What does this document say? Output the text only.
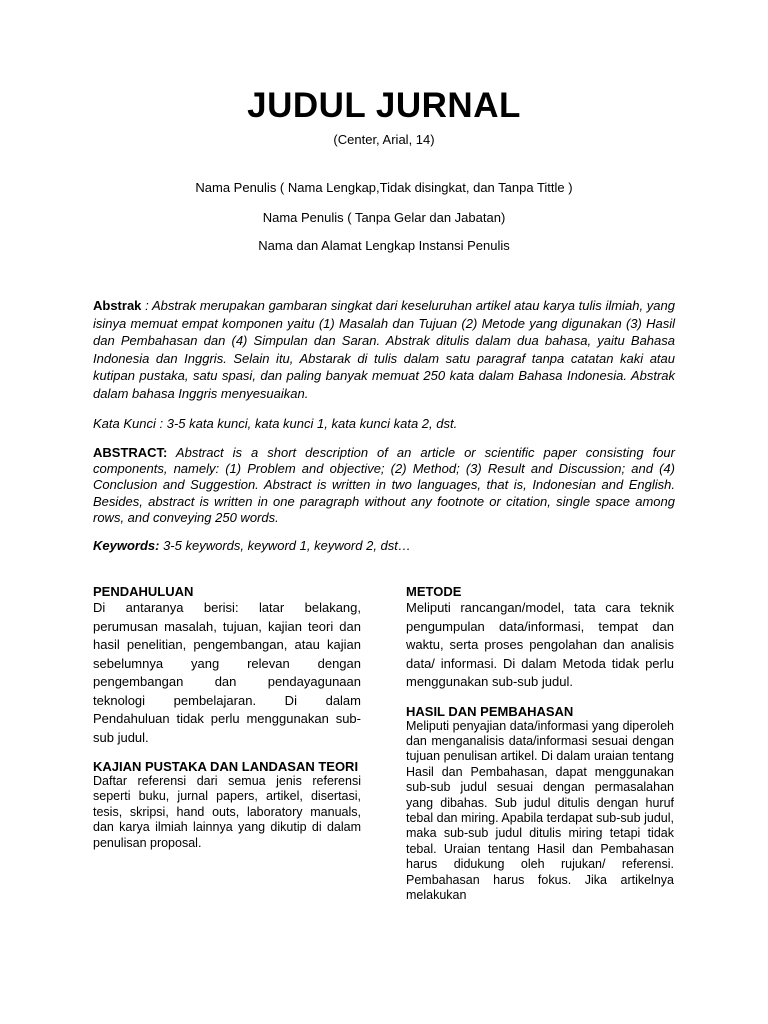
JUDUL JURNAL
(Center, Arial, 14)
Nama Penulis ( Nama Lengkap,Tidak disingkat, dan Tanpa Tittle )
Nama Penulis ( Tanpa Gelar dan Jabatan)
Nama dan Alamat Lengkap Instansi Penulis

Abstrak : Abstrak merupakan gambaran singkat dari keseluruhan artikel atau karya tulis ilmiah, yang isinya memuat empat komponen yaitu (1) Masalah dan Tujuan (2) Metode yang digunakan (3) Hasil dan Pembahasan dan (4) Simpulan dan Saran. Abstrak ditulis dalam dua bahasa, yaitu Bahasa Indonesia dan Inggris. Selain itu, Abstarak di tulis dalam satu paragraf tanpa catatan kaki atau kutipan pustaka, satu spasi, dan paling banyak memuat 250 kata dalam Bahasa Indonesia. Abstrak dalam bahasa Inggris menyesuaikan.

Kata Kunci : 3-5 kata kunci, kata kunci 1, kata kunci kata 2, dst.

ABSTRACT: Abstract is a short description of an article or scientific paper consisting four components, namely: (1) Problem and objective; (2) Method; (3) Result and Discussion; and (4) Conclusion and Suggestion. Abstract is written in two languages, that is, Indonesian and English. Besides, abstract is written in one paragraph without any footnote or citation, single space among rows, and conveying 250 words.

Keywords: 3-5 keywords, keyword 1, keyword 2, dst…

PENDAHULUAN

Di antaranya berisi: latar belakang, perumusan masalah, tujuan, kajian teori dan hasil penelitian, pengembangan, atau kajian sebelumnya yang relevan dengan pengembangan dan pendayagunaan teknologi pembelajaran. Di dalam Pendahuluan tidak perlu menggunakan sub-sub judul.

KAJIAN PUSTAKA DAN LANDASAN TEORI

Daftar referensi dari semua jenis referensi seperti buku, jurnal papers, artikel, disertasi, tesis, skripsi, hand outs, laboratory manuals, dan karya ilmiah lainnya yang dikutip di dalam penulisan proposal.

METODE

Meliputi rancangan/model, tata cara teknik pengumpulan data/informasi, tempat dan waktu, serta proses pengolahan dan analisis data/ informasi. Di dalam Metoda tidak perlu menggunakan sub-sub judul.

HASIL DAN PEMBAHASAN

Meliputi penyajian data/informasi yang diperoleh dan menganalisis data/informasi sesuai dengan tujuan penulisan artikel. Di dalam uraian tentang Hasil dan Pembahasan, dapat menggunakan sub-sub judul sesuai dengan permasalahan yang dibahas. Sub judul ditulis dengan huruf tebal dan miring. Apabila terdapat sub-sub judul, maka sub-sub judul ditulis miring tetapi tidak tebal. Uraian tentang Hasil dan Pembahasan harus didukung oleh rujukan/ referensi. Pembahasan harus fokus. Jika artikelnya melakukan
